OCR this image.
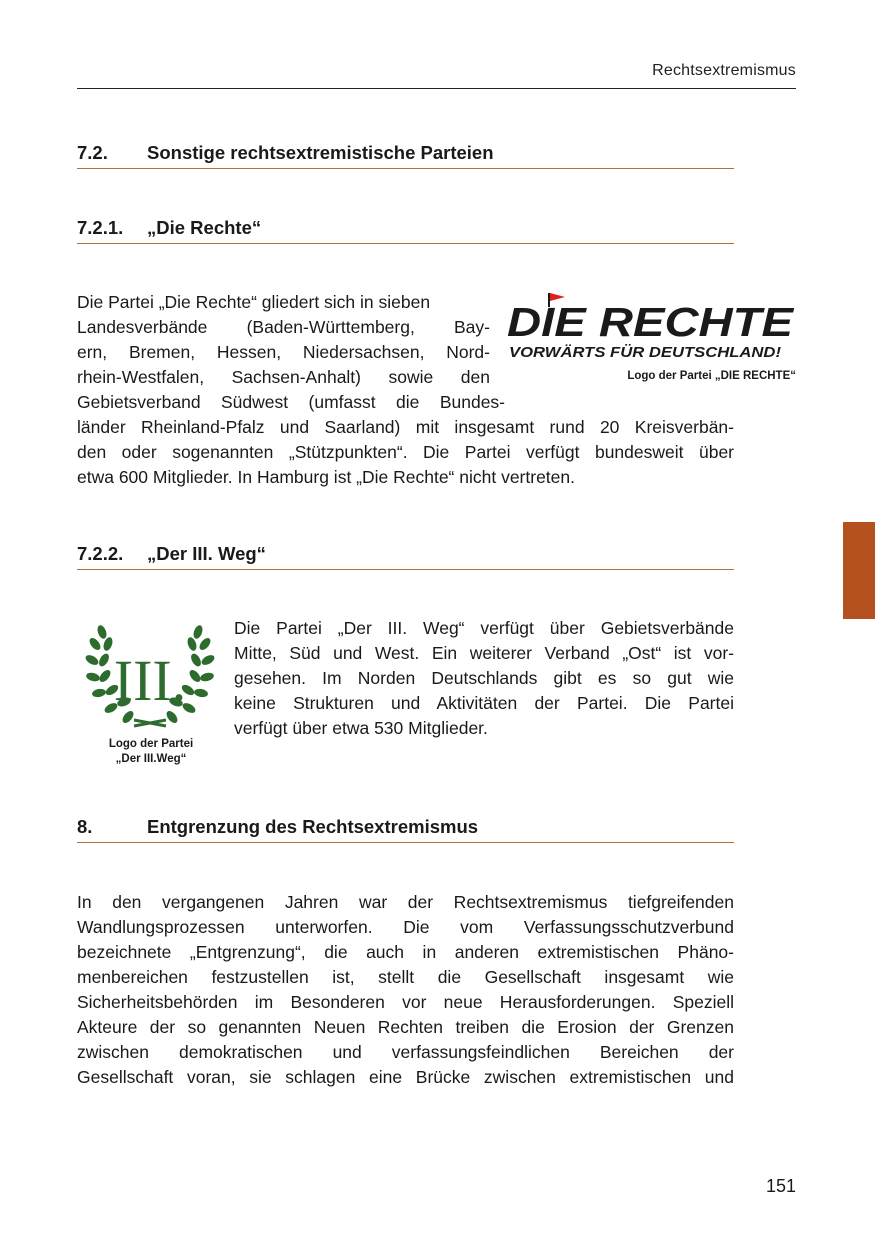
Rechtsextremismus
7.2. Sonstige rechtsextremistische Parteien
7.2.1. „Die Rechte“
Die Partei „Die Rechte“ gliedert sich in sieben
Landesverbände (Baden-Württemberg, Bay-
ern, Bremen, Hessen, Niedersachsen, Nord-
rhein-Westfalen, Sachsen-Anhalt) sowie den
Gebietsverband Südwest (umfasst die Bundes-
länder Rheinland-Pfalz und Saarland) mit insgesamt rund 20 Kreisverbän-
den oder sogenannten „Stützpunkten“. Die Partei verfügt bundesweit über
etwa 600 Mitglieder. In Hamburg ist „Die Rechte“ nicht vertreten.
DIE RECHTE
VORWÄRTS FÜR DEUTSCHLAND!
Logo der Partei „DIE RECHTE“
7.2.2. „Der III. Weg“
III.
Logo der Partei
„Der III.Weg“
Die Partei „Der III. Weg“ verfügt über Gebietsverbände
Mitte, Süd und West. Ein weiterer Verband „Ost“ ist vor-
gesehen. Im Norden Deutschlands gibt es so gut wie
keine Strukturen und Aktivitäten der Partei. Die Partei
verfügt über etwa 530 Mitglieder.
8.	Entgrenzung des Rechtsextremismus
In den vergangenen Jahren war der Rechtsextremismus tiefgreifenden
Wandlungsprozessen unterworfen. Die vom Verfassungsschutzverbund
bezeichnete „Entgrenzung“, die auch in anderen extremistischen Phäno-
menbereichen festzustellen ist, stellt die Gesellschaft insgesamt wie
Sicherheitsbehörden im Besonderen vor neue Herausforderungen. Speziell
Akteure der so genannten Neuen Rechten treiben die Erosion der Grenzen
zwischen demokratischen und verfassungsfeindlichen Bereichen der
Gesellschaft voran, sie schlagen eine Brücke zwischen extremistischen und
151
